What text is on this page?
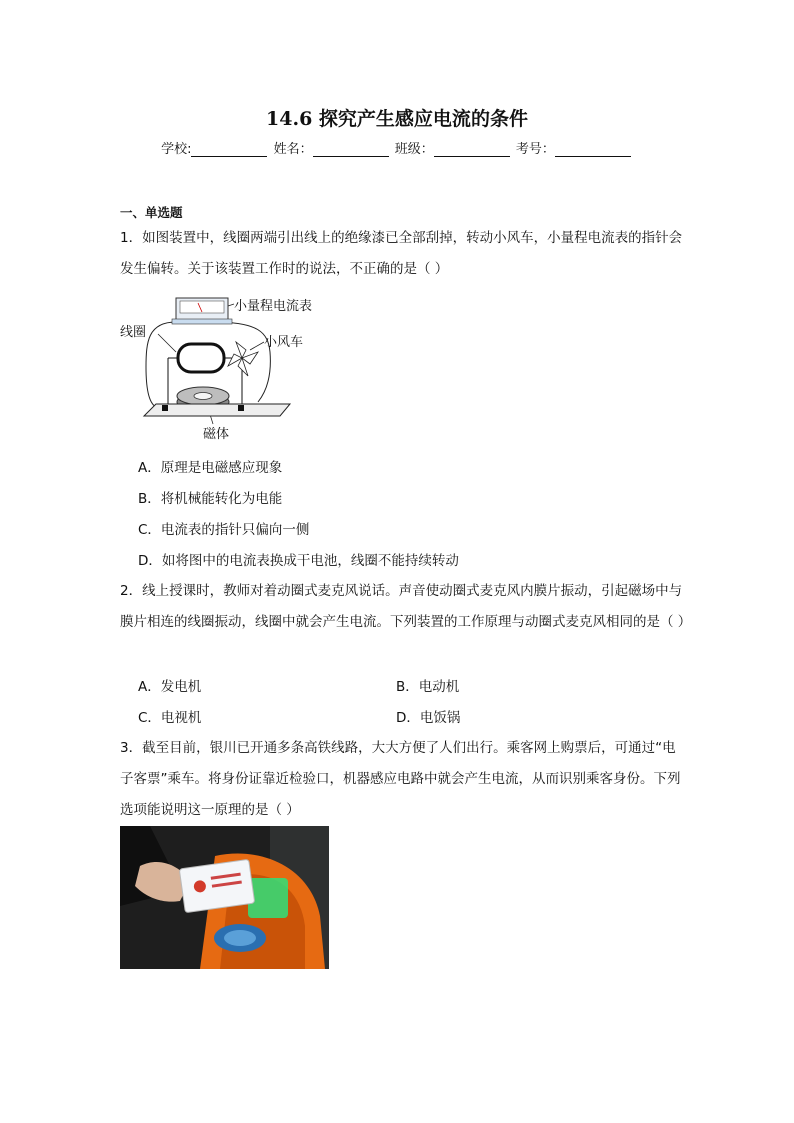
14.6 探究产生感应电流的条件
学校:	姓名：	班级：	考号：
一、单选题
1．如图装置中，线圈两端引出线上的绝缘漆已全部刮掉，转动小风车，小量程电流表的指针会发生偏转。关于该装置工作时的说法，不正确的是（ ）
小量程电流表
线圈
小风车
磁体
A．原理是电磁感应现象
B．将机械能转化为电能
C．电流表的指针只偏向一侧
D．如将图中的电流表换成干电池，线圈不能持续转动
2．线上授课时，教师对着动圈式麦克风说话。声音使动圈式麦克风内膜片振动，引起磁场中与膜片相连的线圈振动，线圈中就会产生电流。下列装置的工作原理与动圈式麦克风相同的是（ ）
A．发电机	B．电动机
C．电视机	D．电饭锅
3．截至目前，银川已开通多条高铁线路，大大方便了人们出行。乘客网上购票后，可通过“电子客票”乘车。将身份证靠近检验口，机器感应电路中就会产生电流，从而识别乘客身份。下列选项能说明这一原理的是（ ）
